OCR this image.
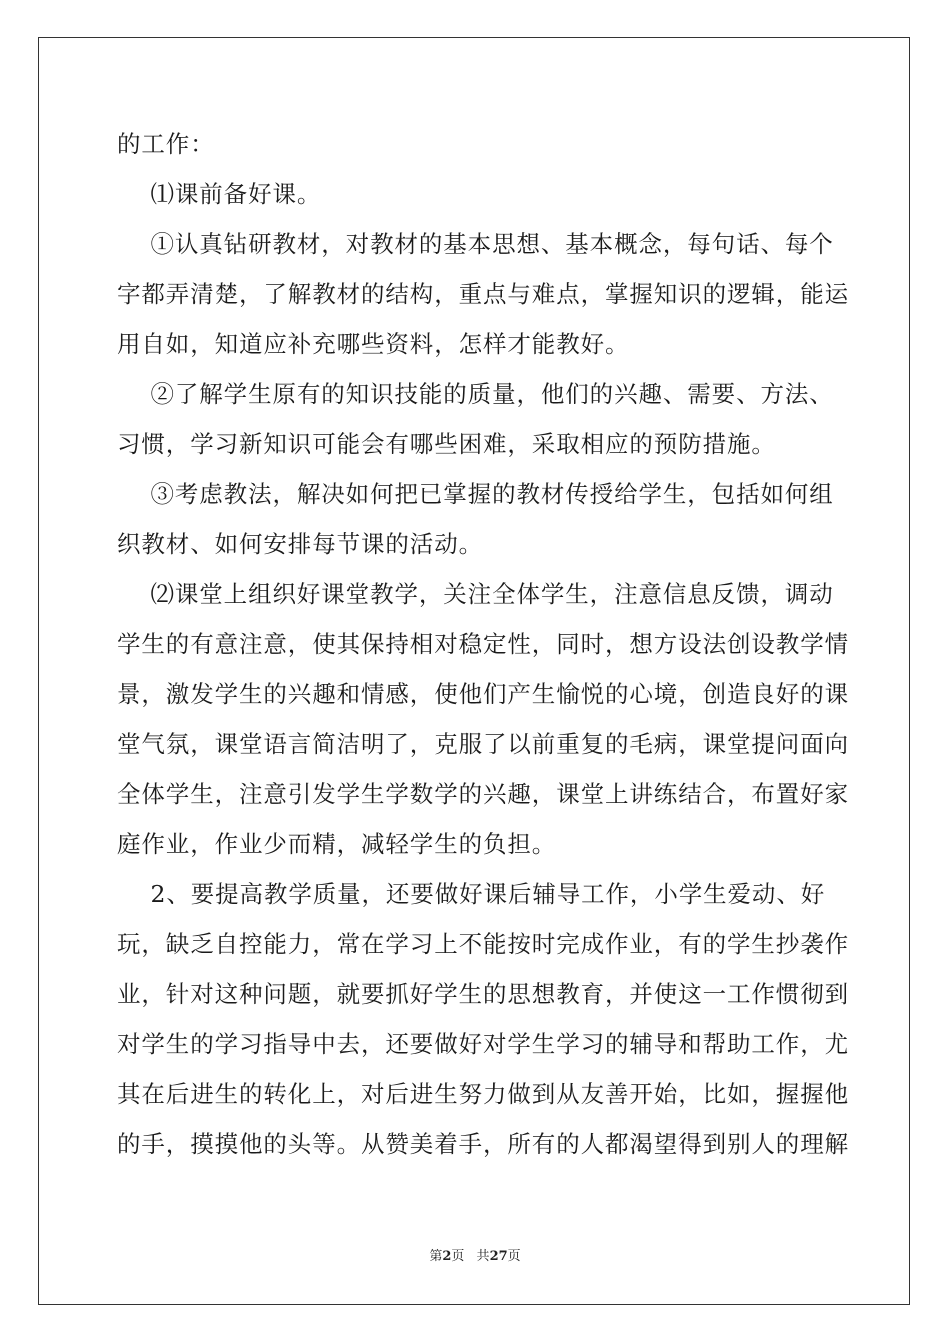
的工作：
⑴课前备好课。
①认真钻研教材，对教材的基本思想、基本概念，每句话、每个
字都弄清楚，了解教材的结构，重点与难点，掌握知识的逻辑，能运
用自如，知道应补充哪些资料，怎样才能教好。
②了解学生原有的知识技能的质量，他们的兴趣、需要、方法、
习惯，学习新知识可能会有哪些困难，采取相应的预防措施。
③考虑教法，解决如何把已掌握的教材传授给学生，包括如何组
织教材、如何安排每节课的活动。
⑵课堂上组织好课堂教学，关注全体学生，注意信息反馈，调动
学生的有意注意，使其保持相对稳定性，同时，想方设法创设教学情
景，激发学生的兴趣和情感，使他们产生愉悦的心境，创造良好的课
堂气氛，课堂语言简洁明了，克服了以前重复的毛病，课堂提问面向
全体学生，注意引发学生学数学的兴趣，课堂上讲练结合，布置好家
庭作业，作业少而精，减轻学生的负担。
2、要提高教学质量，还要做好课后辅导工作，小学生爱动、好
玩，缺乏自控能力，常在学习上不能按时完成作业，有的学生抄袭作
业，针对这种问题，就要抓好学生的思想教育，并使这一工作惯彻到
对学生的学习指导中去，还要做好对学生学习的辅导和帮助工作，尤
其在后进生的转化上，对后进生努力做到从友善开始，比如，握握他
的手，摸摸他的头等。从赞美着手，所有的人都渴望得到别人的理解
第2页 共27页
